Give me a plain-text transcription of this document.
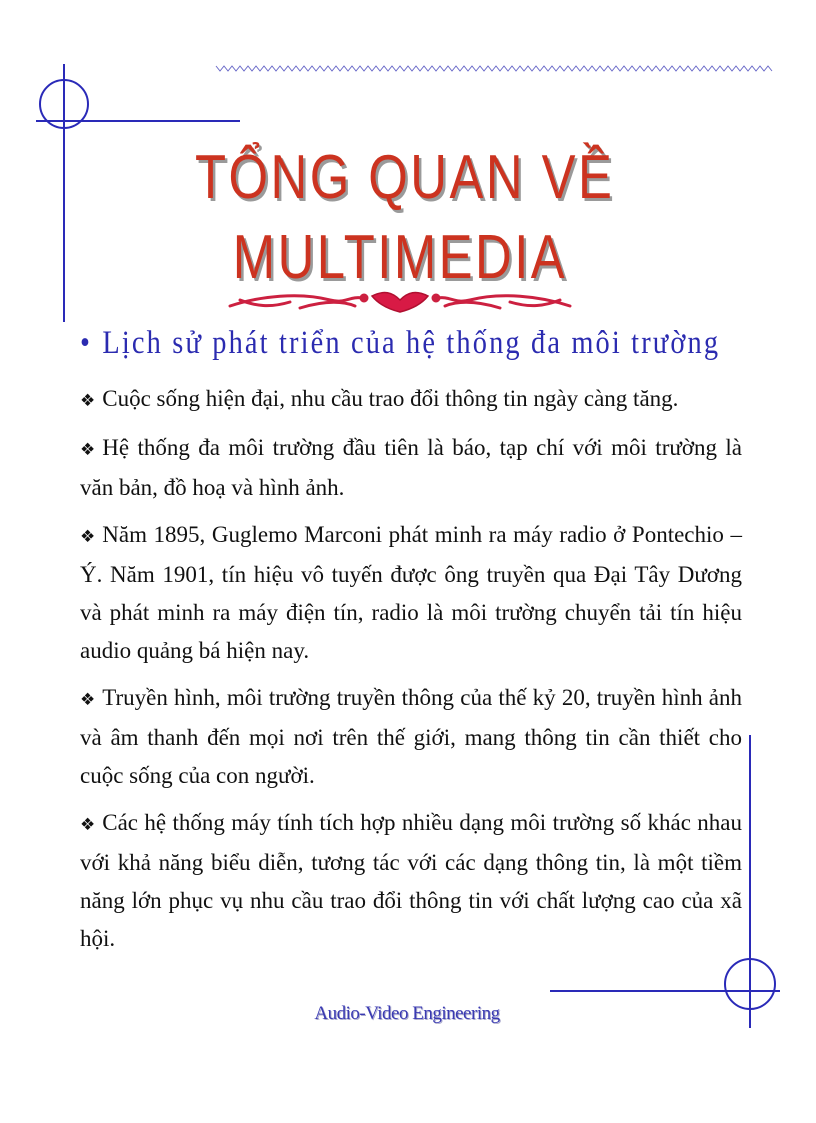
TỔNG QUAN VỀ
MULTIMEDIA
• Lịch sử phát triển của hệ thống đa môi trường

❖ Cuộc sống hiện đại, nhu cầu trao đổi thông tin ngày càng tăng.

❖ Hệ thống đa môi trường đầu tiên là báo, tạp chí với môi trường là văn bản, đồ hoạ và hình ảnh.

❖ Năm 1895, Guglemo Marconi phát minh ra máy radio ở Pontechio – Ý. Năm 1901, tín hiệu vô tuyến được ông truyền qua Đại Tây Dương và phát minh ra máy điện tín, radio là môi trường chuyển tải tín hiệu audio quảng bá hiện nay.

❖ Truyền hình, môi trường truyền thông của thế kỷ 20, truyền hình ảnh và âm thanh đến mọi nơi trên thế giới, mang thông tin cần thiết cho cuộc sống của con người.

❖ Các hệ thống máy tính tích hợp nhiều dạng môi trường số khác nhau với khả năng biểu diễn, tương tác với các dạng thông tin, là một tiềm năng lớn phục vụ nhu cầu trao đổi thông tin với chất lượng cao của xã hội.

Audio-Video Engineering
